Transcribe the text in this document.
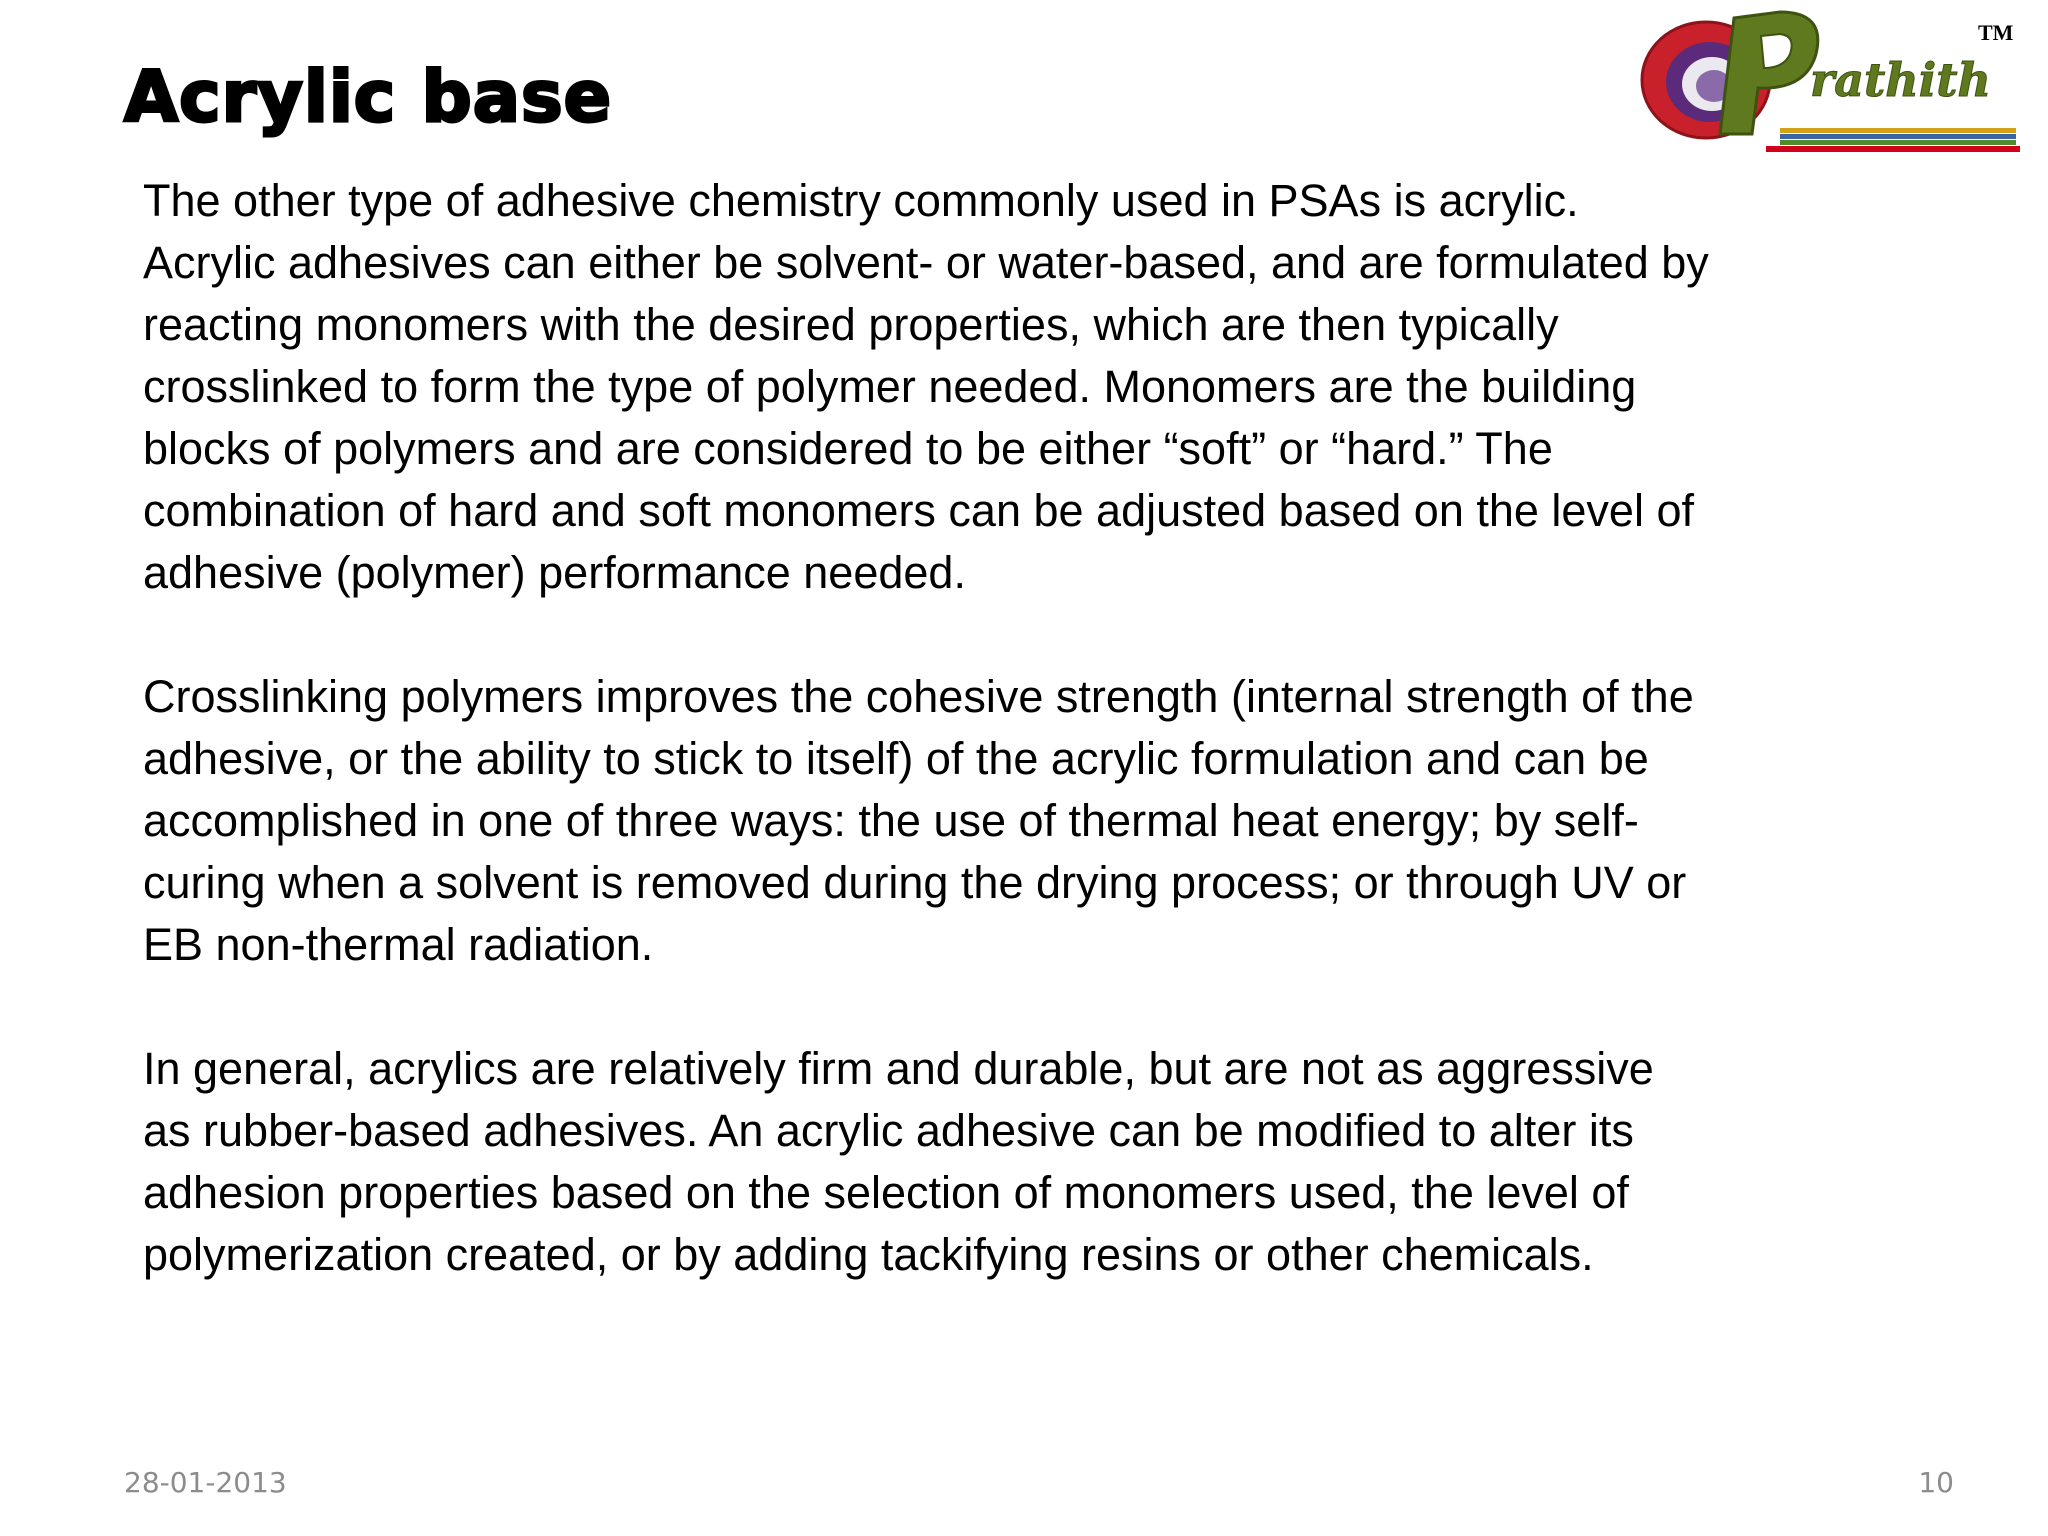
Acrylic base	rathith
TM

The other type of adhesive chemistry commonly used in PSAs is acrylic.
Acrylic adhesives can either be solvent- or water-based, and are formulated by
reacting monomers with the desired properties, which are then typically
crosslinked to form the type of polymer needed. Monomers are the building
blocks of polymers and are considered to be either “soft” or “hard.” The
combination of hard and soft monomers can be adjusted based on the level of
adhesive (polymer) performance needed.

Crosslinking polymers improves the cohesive strength (internal strength of the
adhesive, or the ability to stick to itself) of the acrylic formulation and can be
accomplished in one of three ways: the use of thermal heat energy; by self-
curing when a solvent is removed during the drying process; or through UV or
EB non-thermal radiation.

In general, acrylics are relatively firm and durable, but are not as aggressive
as rubber-based adhesives. An acrylic adhesive can be modified to alter its
adhesion properties based on the selection of monomers used, the level of
polymerization created, or by adding tackifying resins or other chemicals.

28-01-2013	10
